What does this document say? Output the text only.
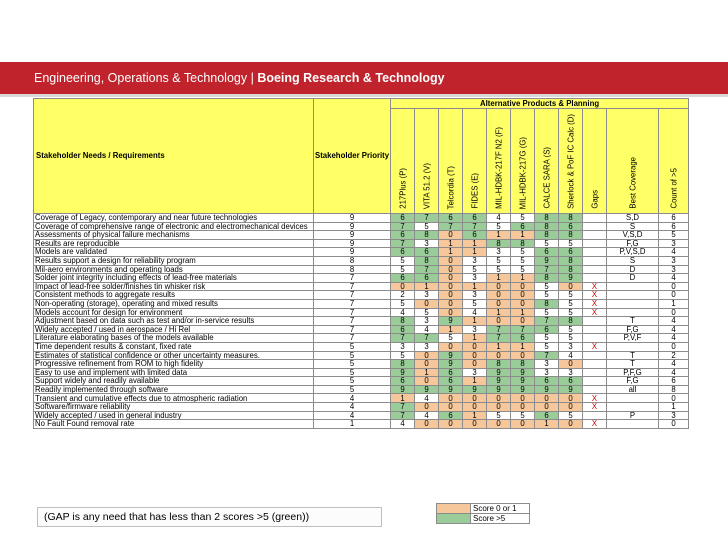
Engineering, Operations & Technology | Boeing Research & Technology
Stakeholder Needs / Requirements	Stakeholder Priority	Alternative Products & Planning										

		217Plus (P)	VITA 51.2 (V)	Telcordia (T)	FIDES (E)	MIL-HDBK-217F N2 (F)	MIL-HDBK-217G (G)	CALCE SARA (S)	Sherlock & PoF IC Calc (D)	Gaps	Best Coverage	Count of >5

Coverage of Legacy, contemporary and near future technologies	9	6	7	6	6	4	5	8	8		S,D	6
Coverage of comprehensive range of electronic and electromechanical devices	9	7	5	7	7	5	6	8	6		S	6
Assessments of physical failure mechanisms	9	6	8	0	6	1	1	8	8		V,S,D	5
Results are reproducible	9	7	3	1	1	8	8	5	5		F,G	3
Models are validated	9	6	6	1	1	3	5	6	6		P,V,S,D	4
Results support a design for reliability program	8	5	8	0	3	5	5	9	8		S	3
Mil-aero environments and operating loads	8	5	7	0	5	5	5	7	8		D	3
Solder joint integrity including effects of lead-free materials	7	6	6	0	3	1	1	8	9		D	4
Impact of lead-free solder/finishes tin whisker risk	7	0	1	0	1	0	0	5	0	X		0
Consistent methods to aggregate results	7	2	3	0	3	0	0	5	5	X		0
Non-operating (storage), operating and mixed results	7	5	0	0	5	0	0	8	5	X		1
Models account for design for environment	7	4	5	0	4	1	1	5	5	X		0
Adjustment based on data such as test and/or in-service results	7	8	3	9	1	0	0	7	8		T	4
Widely accepted / used in aerospace / Hi Rel	7	6	4	1	3	7	7	6	5		F,G	4
Literature elaborating bases of the models available	7	7	7	5	1	7	6	5	5		P,V,F	4
Time dependent results & constant, fixed rate	5	3	3	0	0	1	1	5	3	X		0
Estimates of statistical confidence or other uncertainty measures.	5	5	0	9	0	0	0	7	4		T	2
Progressive refinement from ROM to high fidelity	5	8	0	9	0	8	8	3	0		T	4
Easy to use and implement with limited data	5	9	1	6	3	9	9	3	3		P,F,G	4
Support widely and readily available	5	6	0	6	1	9	9	6	6		F,G	6
Readily implemented through software	5	9	9	9	9	9	9	9	9		all	8
Transient and cumulative effects due to atmospheric radiation	4	1	4	0	0	0	0	0	0	X		0
Software/firmware reliability	4	7	0	0	0	0	0	0	0	X		1
Widely accepted / used in general industry	4	7	4	6	1	5	5	6	5		P	3
No Fault Found removal rate	1	4	0	0	0	0	0	1	0	X		0
(GAP is any need that has less than 2 scores >5 (green))
	Score 0 or 1
	Score >5
